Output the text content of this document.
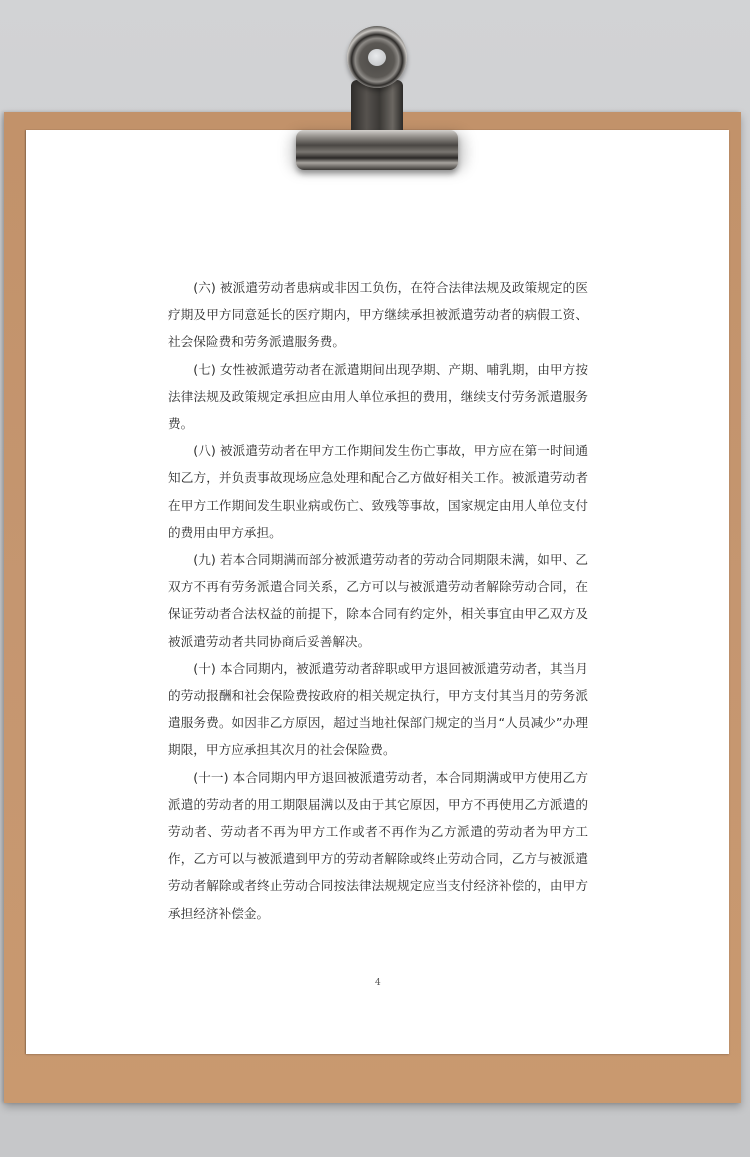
(六) 被派遣劳动者患病或非因工负伤，在符合法律法规及政策规定的医疗期及甲方同意延长的医疗期内，甲方继续承担被派遣劳动者的病假工资、社会保险费和劳务派遣服务费。

(七) 女性被派遣劳动者在派遣期间出现孕期、产期、哺乳期，由甲方按法律法规及政策规定承担应由用人单位承担的费用，继续支付劳务派遣服务费。

(八) 被派遣劳动者在甲方工作期间发生伤亡事故，甲方应在第一时间通知乙方，并负责事故现场应急处理和配合乙方做好相关工作。被派遣劳动者在甲方工作期间发生职业病或伤亡、致残等事故，国家规定由用人单位支付的费用由甲方承担。

(九) 若本合同期满而部分被派遣劳动者的劳动合同期限未满，如甲、乙双方不再有劳务派遣合同关系，乙方可以与被派遣劳动者解除劳动合同，在保证劳动者合法权益的前提下，除本合同有约定外，相关事宜由甲乙双方及被派遣劳动者共同协商后妥善解决。

(十) 本合同期内，被派遣劳动者辞职或甲方退回被派遣劳动者，其当月的劳动报酬和社会保险费按政府的相关规定执行，甲方支付其当月的劳务派遣服务费。如因非乙方原因，超过当地社保部门规定的当月“人员减少”办理期限，甲方应承担其次月的社会保险费。

(十一) 本合同期内甲方退回被派遣劳动者，本合同期满或甲方使用乙方派遣的劳动者的用工期限届满以及由于其它原因，甲方不再使用乙方派遣的劳动者、劳动者不再为甲方工作或者不再作为乙方派遣的劳动者为甲方工作，乙方可以与被派遣到甲方的劳动者解除或终止劳动合同，乙方与被派遣劳动者解除或者终止劳动合同按法律法规规定应当支付经济补偿的，由甲方承担经济补偿金。

4
